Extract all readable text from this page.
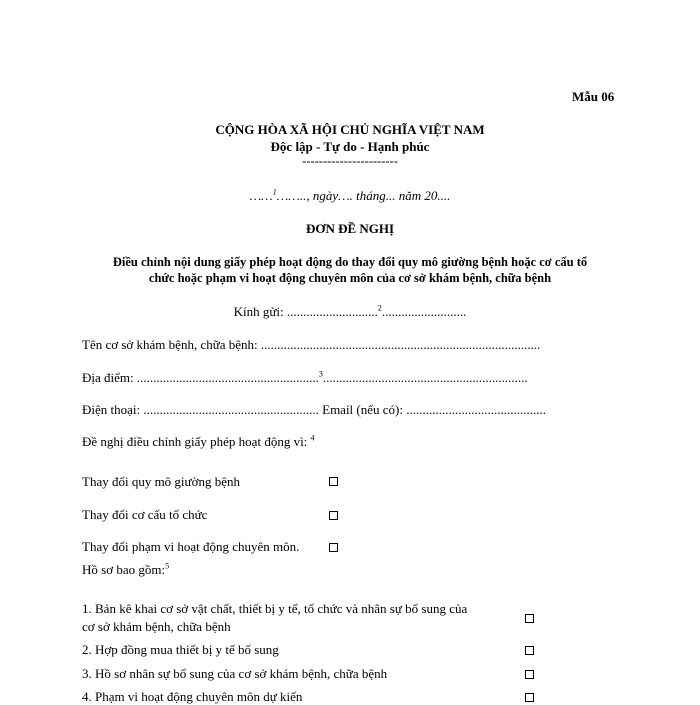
Mẫu 06
CỘNG HÒA XÃ HỘI CHỦ NGHĨA VIỆT NAM
Độc lập - Tự do - Hạnh phúc
-----------------------
……$^1$…….., ngày…. tháng... năm 20....
ĐƠN ĐỀ NGHỊ
Điều chỉnh nội dung giấy phép hoạt động do thay đổi quy mô giường bệnh hoặc cơ cấu tổ
chức hoặc phạm vi hoạt động chuyên môn của cơ sở khám bệnh, chữa bệnh
Kính gửi: ............................$^2$..........................
Tên cơ sở khám bệnh, chữa bệnh: ......................................................................................
Địa điểm: ........................................................$^3$...............................................................
Điện thoại: ...................................................... Email (nếu có): ...........................................
Đề nghị điều chỉnh giấy phép hoạt động vì: $^4$
Thay đổi quy mô giường bệnh
Thay đổi cơ cấu tổ chức
Thay đổi phạm vi hoạt động chuyên môn.
Hồ sơ bao gồm:$^5$
1. Bản kê khai cơ sở vật chất, thiết bị y tế, tổ chức và nhân sự bổ sung của
cơ sở khám bệnh, chữa bệnh
2. Hợp đồng mua thiết bị y tế bổ sung
3. Hồ sơ nhân sự bổ sung của cơ sở khám bệnh, chữa bệnh
4. Phạm vi hoạt động chuyên môn dự kiến
